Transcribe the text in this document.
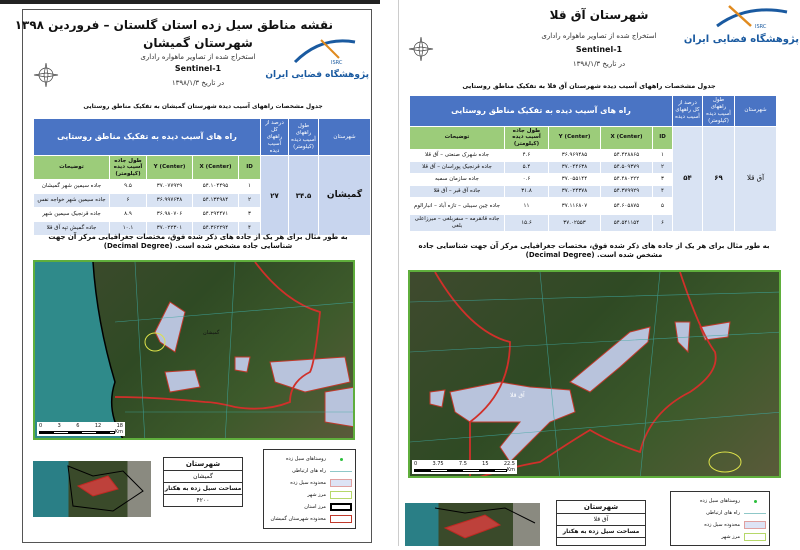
نقشه مناطق سیل زده استان گلستان – فروردین ۱۳۹۸
شهرستان گمیشان
استخراج شده از تصاویر ماهواره راداری
Sentinel-1
در تاریخ ۱۳۹۸/۱/۳
ISRC
پژوهشگاه فضایی ایران
جدول مشخصات راههای آسیب دیده شهرستان گمیشان به تفکیک مناطق روستایی
شهرستان	طول راههای آسیب دیده (کیلومتر)	درصد از کل راههای آسیب دیده	راه های آسیب دیده به تفکیک مناطق روستایی				
گمیشان	۳۴.۵	۲۷	ID	X (Center)	Y (Center)	طول جاده آسیب دیده (کیلومتر)	توضیحات
			۱	۵۴.۱۰۴۴۹۵	۳۷.۰۷۷۹۲۹	۹.۵	جاده سیمین شهر گمیشان
			۲	۵۴.۱۳۴۹۸۴	۳۶.۹۹۷۶۳۸	۶	جاده سیمین شهر خواجه نفس
			۳	۵۴.۲۹۴۴۷۱	۳۶.۹۸۰۷۰۶	۸.۹	جاده قرنجیک سیمین شهر
			۴	۵۴.۳۶۲۲۹۴	۳۷.۰۲۲۳۰۱	۱۰.۱	جاده گمیش تپه آق قلا
به طور مثال برای هر یک از جاده های ذکر شده فوق، مختصات جغرافیایی مرکز آن جهت شناسایی جاده مشخص شده است. (Decimal Degree)
گمیشان
0	3	6	12	18
Km
شهرستان
گمیشان
مساحت سیل زده به هکتار
۴۲۰۰
روستاهای سیل زده
راه های ارتباطی
محدوده سیل زده
مرز شهر
مرز استان
محدوده شهرستان گمیشان
شهرستان آق قلا
استخراج شده از تصاویر ماهواره راداری
Sentinel-1
در تاریخ ۱۳۹۸/۱/۳
ISRC
پژوهشگاه فضایی ایران
جدول مشخصات راههای آسیب دیده شهرستان آق قلا به تفکیک مناطق روستایی
شهرستان	طول راههای آسیب دیده (کیلومتر)	درصد از کل راههای آسیب دیده	راه های آسیب دیده به تفکیک مناطق روستایی				
آق قلا	۶۹	۵۴	ID	X (Center)	Y (Center)	طول جاده آسیب دیده (کیلومتر)	توضیحات
			۱	۵۴.۴۲۸۸۶۵	۳۶.۹۶۹۴۸۵	۴.۶	جاده شهرک صنعتی – آق قلا
			۲	۵۴.۵۰۹۳۷۹	۳۷.۰۴۴۶۳۸	۵.۴	جاده قرنجیک پوراسان – آق قلا
			۳	۵۴.۴۸۰۲۲۲	۳۷.۰۵۵۱۴۴	۰.۶	جاده سازمان سمبه
			۴	۵۴.۳۷۹۹۲۹	۳۷.۰۲۴۳۷۸	۳۱.۸	جاده آق قبر – آق قلا
			۵	۵۴.۶۰۵۸۷۵	۳۷.۱۱۶۸۰۷	۱۱	جاده چین سیبلی – تازه آباد – انبارالوم
			۶	۵۴.۵۴۱۱۵۴	۳۷.۰۲۵۵۳	۱۵.۶	جاده قانقرمه – سفربلغی – میرزاعلی بلغی
به طور مثال برای هر یک از جاده های ذکر شده فوق، مختصات جغرافیایی مرکز آن جهت شناسایی جاده مشخص شده است. (Decimal Degree)
آق قلا
0	3.75	7.5	15	22.5
Km
شهرستان
آق قلا
مساحت سیل زده به هکتار
روستاهای سیل زده
راه های ارتباطی
محدوده سیل زده
مرز شهر
